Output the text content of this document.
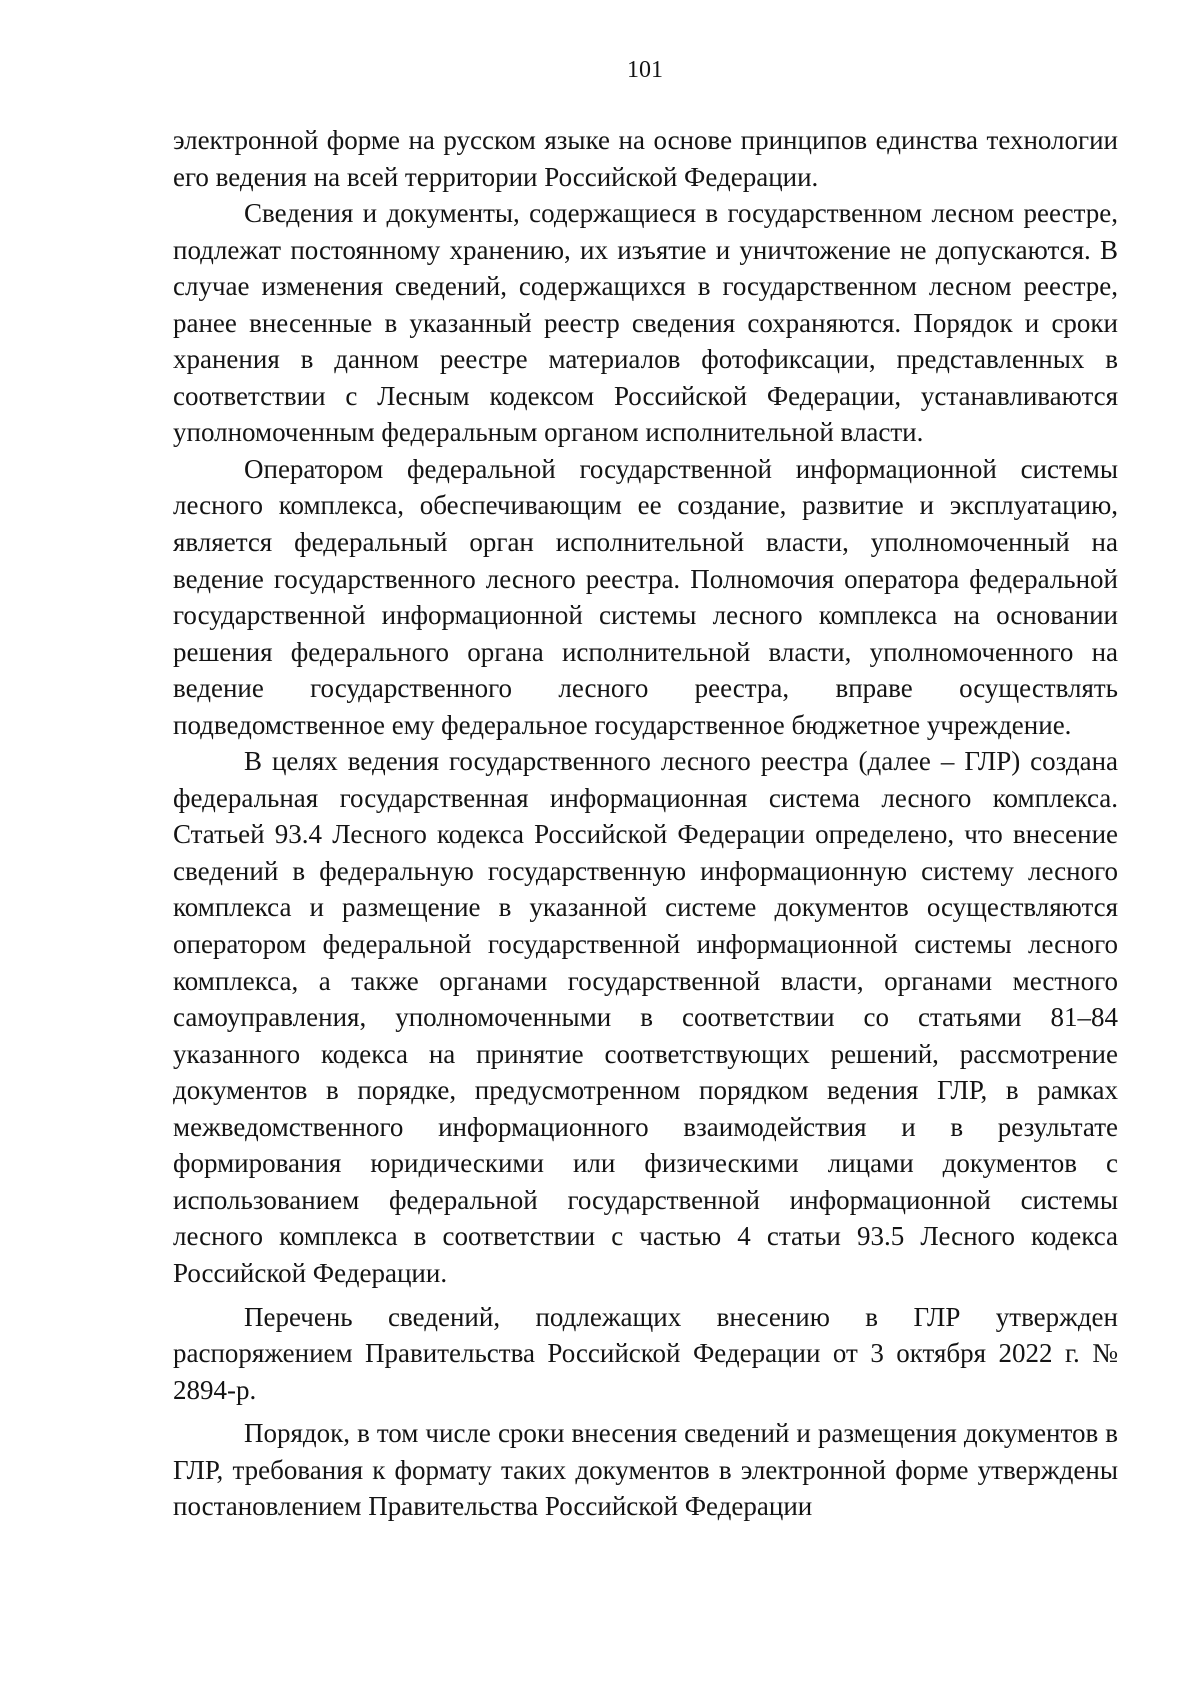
101

электронной форме на русском языке на основе принципов единства технологии его ведения на всей территории Российской Федерации.

Сведения и документы, содержащиеся в государственном лесном реестре, подлежат постоянному хранению, их изъятие и уничтожение не допускаются. В случае изменения сведений, содержащихся в государственном лесном реестре, ранее внесенные в указанный реестр сведения сохраняются. Порядок и сроки хранения в данном реестре материалов фотофиксации, представленных в соответствии с Лесным кодексом Российской Федерации, устанавливаются уполномоченным федеральным органом исполнительной власти.

Оператором федеральной государственной информационной системы лесного комплекса, обеспечивающим ее создание, развитие и эксплуатацию, является федеральный орган исполнительной власти, уполномоченный на ведение государственного лесного реестра. Полномочия оператора федеральной государственной информационной системы лесного комплекса на основании решения федерального органа исполнительной власти, уполномоченного на ведение государственного лесного реестра, вправе осуществлять подведомственное ему федеральное государственное бюджетное учреждение.

В целях ведения государственного лесного реестра (далее – ГЛР) создана федеральная государственная информационная система лесного комплекса. Статьей 93.4 Лесного кодекса Российской Федерации определено, что внесение сведений в федеральную государственную информационную систему лесного комплекса и размещение в указанной системе документов осуществляются оператором федеральной государственной информационной системы лесного комплекса, а также органами государственной власти, органами местного самоуправления, уполномоченными в соответствии со статьями 81–84 указанного кодекса на принятие соответствующих решений, рассмотрение документов в порядке, предусмотренном порядком ведения ГЛР, в рамках межведомственного информационного взаимодействия и в результате формирования юридическими или физическими лицами документов с использованием федеральной государственной информационной системы лесного комплекса в соответствии с частью 4 статьи 93.5 Лесного кодекса Российской Федерации.

Перечень сведений, подлежащих внесению в ГЛР утвержден распоряжением Правительства Российской Федерации от 3 октября 2022 г. № 2894-р.

Порядок, в том числе сроки внесения сведений и размещения документов в ГЛР, требования к формату таких документов в электронной форме утверждены постановлением Правительства Российской Федерации
